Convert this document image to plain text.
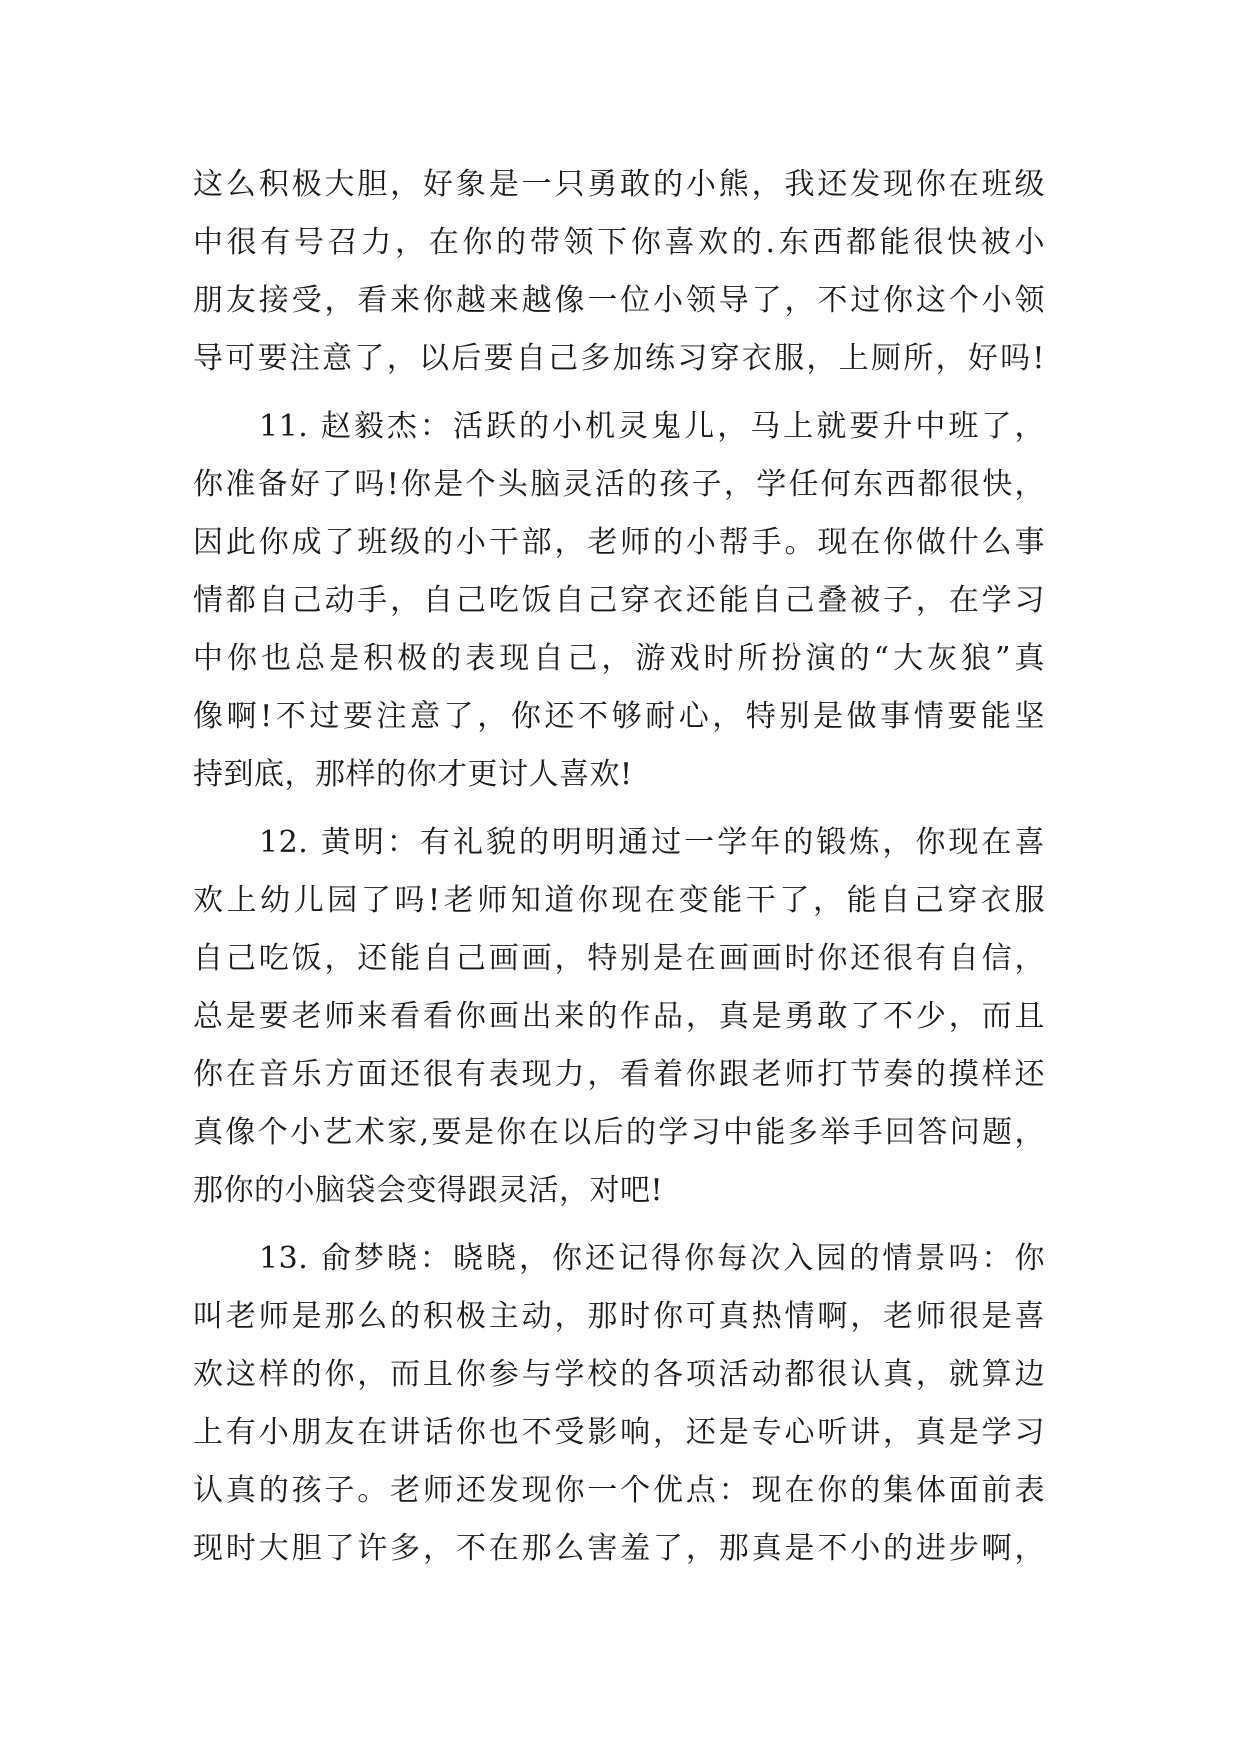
这么积极大胆，好象是一只勇敢的小熊，我还发现你在班级
中很有号召力，在你的带领下你喜欢的.东西都能很快被小
朋友接受，看来你越来越像一位小领导了，不过你这个小领
导可要注意了，以后要自己多加练习穿衣服，上厕所，好吗!
　　11. 赵毅杰：活跃的小机灵鬼儿，马上就要升中班了，
你准备好了吗!你是个头脑灵活的孩子，学任何东西都很快，
因此你成了班级的小干部，老师的小帮手。现在你做什么事
情都自己动手，自己吃饭自己穿衣还能自己叠被子，在学习
中你也总是积极的表现自己，游戏时所扮演的“大灰狼”真
像啊!不过要注意了，你还不够耐心，特别是做事情要能坚
持到底，那样的你才更讨人喜欢!
　　12. 黄明：有礼貌的明明通过一学年的锻炼，你现在喜
欢上幼儿园了吗!老师知道你现在变能干了，能自己穿衣服
自己吃饭，还能自己画画，特别是在画画时你还很有自信，
总是要老师来看看你画出来的作品，真是勇敢了不少，而且
你在音乐方面还很有表现力，看着你跟老师打节奏的摸样还
真像个小艺术家,要是你在以后的学习中能多举手回答问题，
那你的小脑袋会变得跟灵活，对吧!
　　13. 俞梦晓：晓晓，你还记得你每次入园的情景吗：你
叫老师是那么的积极主动，那时你可真热情啊，老师很是喜
欢这样的你，而且你参与学校的各项活动都很认真，就算边
上有小朋友在讲话你也不受影响，还是专心听讲，真是学习
认真的孩子。老师还发现你一个优点：现在你的集体面前表
现时大胆了许多，不在那么害羞了，那真是不小的进步啊，
